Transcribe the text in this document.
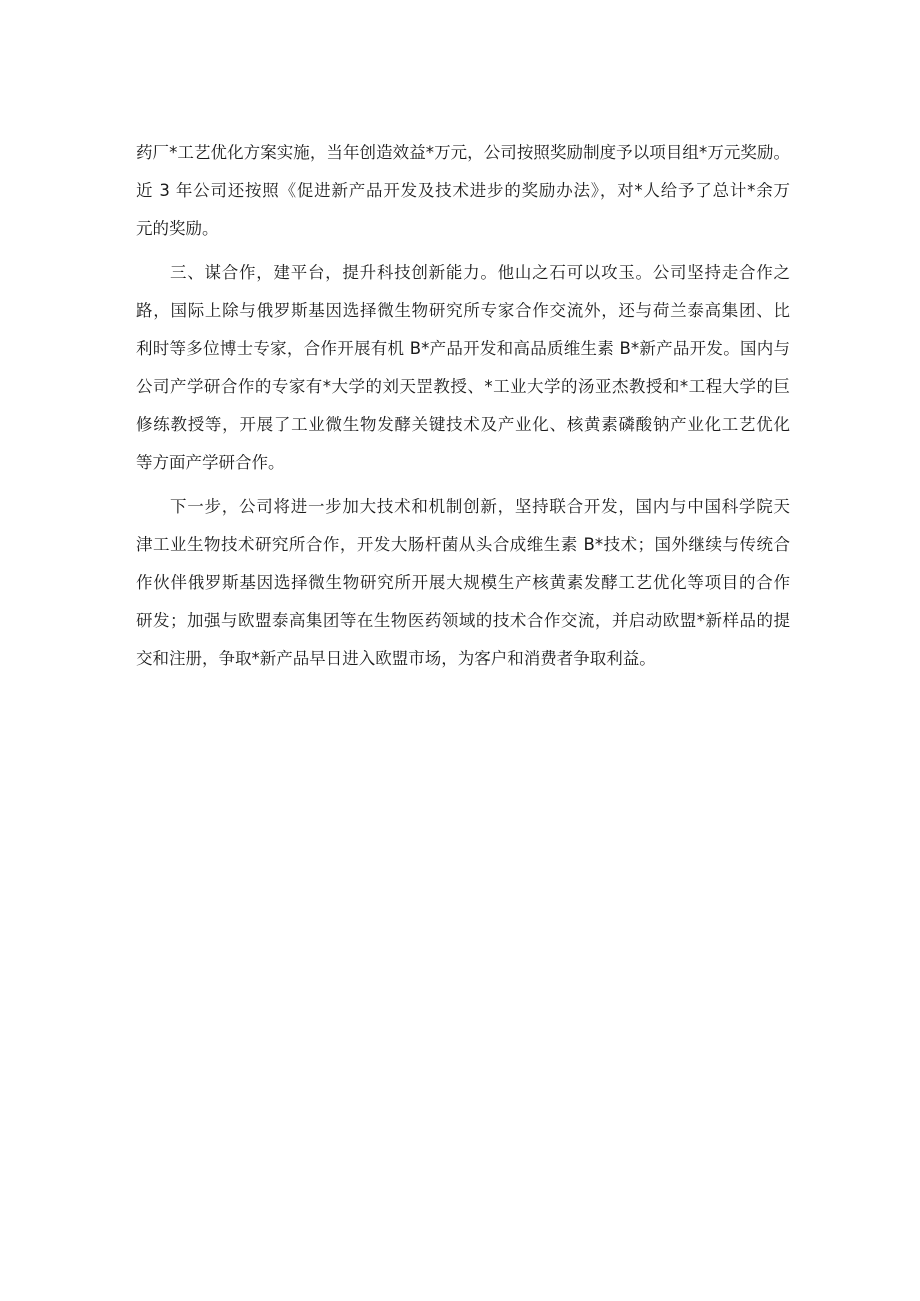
药厂*工艺优化方案实施，当年创造效益*万元，公司按照奖励制度予以项目组*万元奖励。
近 3 年公司还按照《促进新产品开发及技术进步的奖励办法》，对*人给予了总计*余万
元的奖励。
三、谋合作，建平台，提升科技创新能力。他山之石可以攻玉。公司坚持走合作之
路，国际上除与俄罗斯基因选择微生物研究所专家合作交流外，还与荷兰泰高集团、比
利时等多位博士专家，合作开展有机 B*产品开发和高品质维生素 B*新产品开发。国内与
公司产学研合作的专家有*大学的刘天罡教授、*工业大学的汤亚杰教授和*工程大学的巨
修练教授等，开展了工业微生物发酵关键技术及产业化、核黄素磷酸钠产业化工艺优化
等方面产学研合作。
下一步，公司将进一步加大技术和机制创新，坚持联合开发，国内与中国科学院天
津工业生物技术研究所合作，开发大肠杆菌从头合成维生素 B*技术；国外继续与传统合
作伙伴俄罗斯基因选择微生物研究所开展大规模生产核黄素发酵工艺优化等项目的合作
研发；加强与欧盟泰高集团等在生物医药领域的技术合作交流，并启动欧盟*新样品的提
交和注册，争取*新产品早日进入欧盟市场，为客户和消费者争取利益。
